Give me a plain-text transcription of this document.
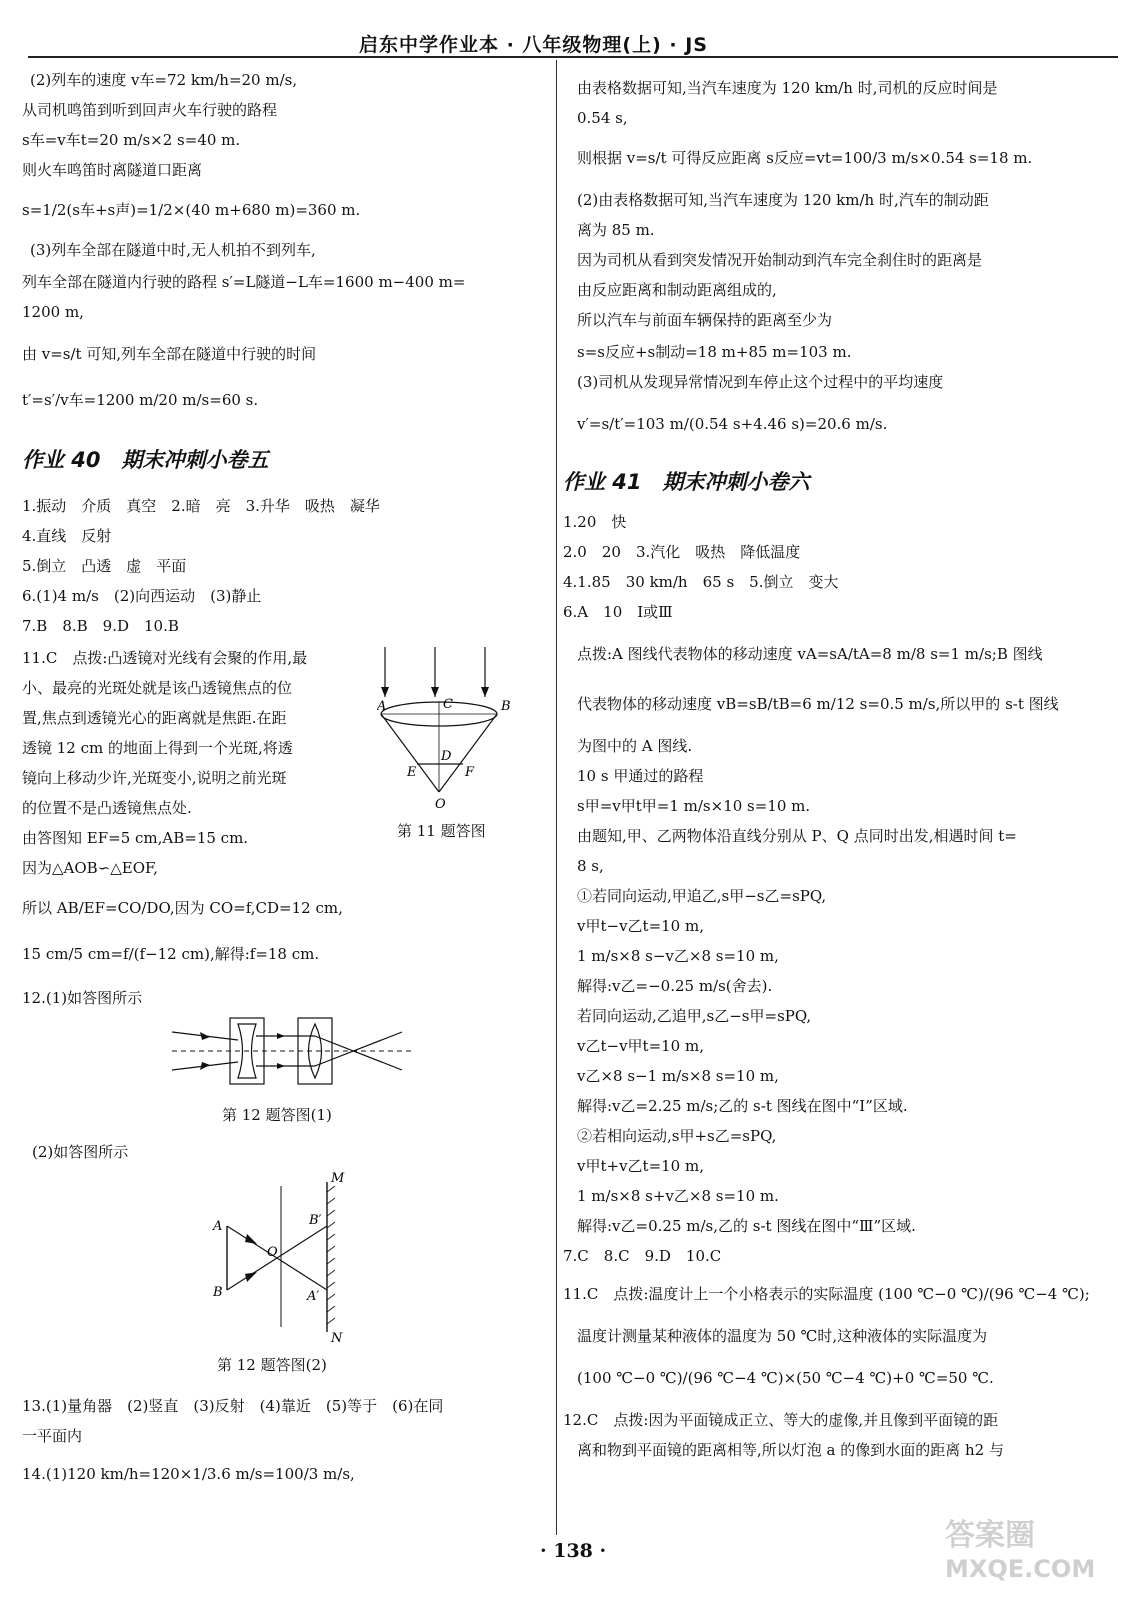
启东中学作业本 · 八年级物理(上) · JS
(2)列车的速度 v车=72 km/h=20 m/s,
从司机鸣笛到听到回声火车行驶的路程
s车=v车t=20 m/s×2 s=40 m.
则火车鸣笛时离隧道口距离
s=1/2(s车+s声)=1/2×(40 m+680 m)=360 m.
(3)列车全部在隧道中时,无人机拍不到列车,
列车全部在隧道内行驶的路程 s′=L隧道−L车=1600 m−400 m=
1200 m,
由 v=s/t 可知,列车全部在隧道中行驶的时间
t′=s′/v车=1200 m/20 m/s=60 s.
作业 40　期末冲刺小卷五
1.振动　介质　真空　2.暗　亮　3.升华　吸热　凝华
4.直线　反射
5.倒立　凸透　虚　平面
6.(1)4 m/s　(2)向西运动　(3)静止
7.B　8.B　9.D　10.B
11.C　点拨:凸透镜对光线有会聚的作用,最
小、最亮的光斑处就是该凸透镜焦点的位
置,焦点到透镜光心的距离就是焦距.在距
透镜 12 cm 的地面上得到一个光斑,将透
镜向上移动少许,光斑变小,说明之前光斑
的位置不是凸透镜焦点处.
由答图知 EF=5 cm,AB=15 cm.
因为△AOB∽△EOF,
所以 AB/EF=CO/DO,因为 CO=f,CD=12 cm,
15 cm/5 cm=f/(f−12 cm),解得:f=18 cm.
A	B
C
D
E	F
O
第 11 题答图
12.(1)如答图所示
第 12 题答图(1)
(2)如答图所示
M
N
A
B
O
B′
A′
第 12 题答图(2)
13.(1)量角器　(2)竖直　(3)反射　(4)靠近　(5)等于　(6)在同
一平面内
14.(1)120 km/h=120×1/3.6 m/s=100/3 m/s,
由表格数据可知,当汽车速度为 120 km/h 时,司机的反应时间是
0.54 s,
则根据 v=s/t 可得反应距离 s反应=vt=100/3 m/s×0.54 s=18 m.
(2)由表格数据可知,当汽车速度为 120 km/h 时,汽车的制动距
离为 85 m.
因为司机从看到突发情况开始制动到汽车完全刹住时的距离是
由反应距离和制动距离组成的,
所以汽车与前面车辆保持的距离至少为
s=s反应+s制动=18 m+85 m=103 m.
(3)司机从发现异常情况到车停止这个过程中的平均速度
v′=s/t′=103 m/(0.54 s+4.46 s)=20.6 m/s.
作业 41　期末冲刺小卷六
1.20　快
2.0　20　3.汽化　吸热　降低温度
4.1.85　30 km/h　65 s　5.倒立　变大
6.A　10　Ⅰ或Ⅲ
点拨:A 图线代表物体的移动速度 vA=sA/tA=8 m/8 s=1 m/s;B 图线
代表物体的移动速度 vB=sB/tB=6 m/12 s=0.5 m/s,所以甲的 s-t 图线
为图中的 A 图线.
10 s 甲通过的路程
s甲=v甲t甲=1 m/s×10 s=10 m.
由题知,甲、乙两物体沿直线分别从 P、Q 点同时出发,相遇时间 t=
8 s,
①若同向运动,甲追乙,s甲−s乙=sPQ,
v甲t−v乙t=10 m,
1 m/s×8 s−v乙×8 s=10 m,
解得:v乙=−0.25 m/s(舍去).
若同向运动,乙追甲,s乙−s甲=sPQ,
v乙t−v甲t=10 m,
v乙×8 s−1 m/s×8 s=10 m,
解得:v乙=2.25 m/s;乙的 s-t 图线在图中“Ⅰ”区域.
②若相向运动,s甲+s乙=sPQ,
v甲t+v乙t=10 m,
1 m/s×8 s+v乙×8 s=10 m.
解得:v乙=0.25 m/s,乙的 s-t 图线在图中“Ⅲ”区域.
7.C　8.C　9.D　10.C
11.C　点拨:温度计上一个小格表示的实际温度 (100 ℃−0 ℃)/(96 ℃−4 ℃);
温度计测量某种液体的温度为 50 ℃时,这种液体的实际温度为
(100 ℃−0 ℃)/(96 ℃−4 ℃)×(50 ℃−4 ℃)+0 ℃=50 ℃.
12.C　点拨:因为平面镜成正立、等大的虚像,并且像到平面镜的距
离和物到平面镜的距离相等,所以灯泡 a 的像到水面的距离 h2 与
· 138 ·	答案圈
MXQE.COM
